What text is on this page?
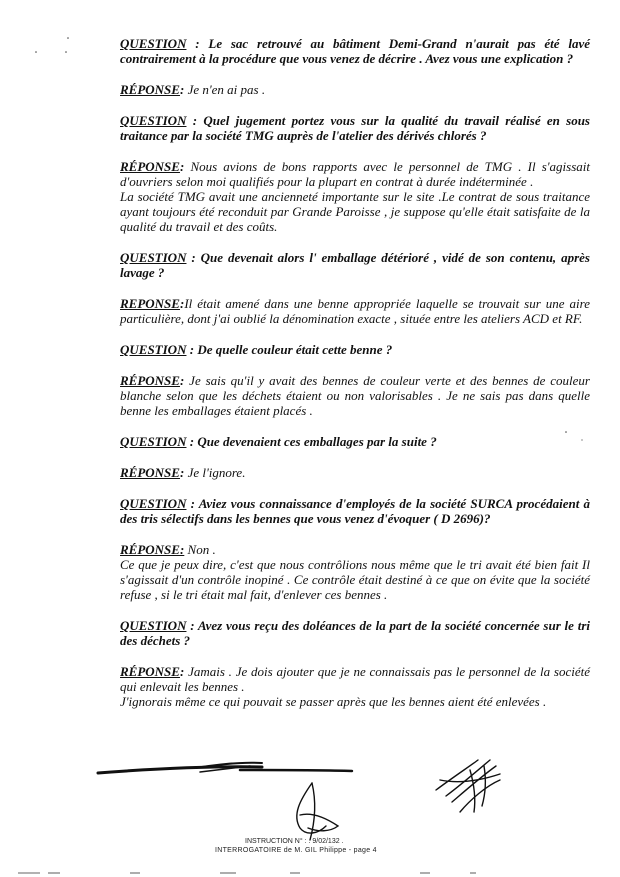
QUESTION : Le sac retrouvé au bâtiment Demi-Grand n'aurait pas été lavé contrairement à la procédure que vous venez de décrire . Avez vous une explication ?
RÉPONSE: Je n'en ai pas .
QUESTION : Quel jugement portez vous sur la qualité du travail réalisé en sous traitance par la société TMG auprès de l'atelier des dérivés chlorés ?
RÉPONSE: Nous avions de bons rapports avec le personnel de TMG . Il s'agissait d'ouvriers selon moi qualifiés pour la plupart en contrat à durée indéterminée .
La société TMG avait une ancienneté importante sur le site .Le contrat de sous traitance ayant toujours été reconduit par Grande Paroisse , je suppose qu'elle était satisfaite de la qualité du travail et des coûts.
QUESTION : Que devenait alors l' emballage détérioré , vidé de son contenu, après lavage ?
REPONSE:Il était amené dans une benne appropriée laquelle se trouvait sur une aire particulière, dont j'ai oublié la dénomination exacte , située entre les ateliers ACD et RF.
QUESTION : De quelle couleur était cette benne ?
RÉPONSE: Je sais qu'il y avait des bennes de couleur verte et des bennes de couleur blanche selon que les déchets étaient ou non valorisables . Je ne sais pas dans quelle benne les emballages étaient placés .
QUESTION : Que devenaient ces emballages par la suite ?
RÉPONSE: Je l'ignore.
QUESTION : Aviez vous connaissance d'employés de la société SURCA procédaient à des tris sélectifs dans les bennes que vous venez d'évoquer ( D 2696)?
RÉPONSE: Non .
Ce que je peux dire, c'est que nous contrôlions nous même que le tri avait été bien fait Il s'agissait d'un contrôle inopiné . Ce contrôle était destiné à ce que on évite que la société refuse , si le tri était mal fait, d'enlever ces bennes .
QUESTION : Avez vous reçu des doléances de la part de la société concernée sur le tri des déchets ?
RÉPONSE: Jamais . Je dois ajouter que je ne connaissais pas le personnel de la société qui enlevait les bennes .
J'ignorais même ce qui pouvait se passer après que les bennes aient été enlevées .
INSTRUCTION N° : . 9/02/132 .
INTERROGATOIRE de M. GIL Philippe - page 4
